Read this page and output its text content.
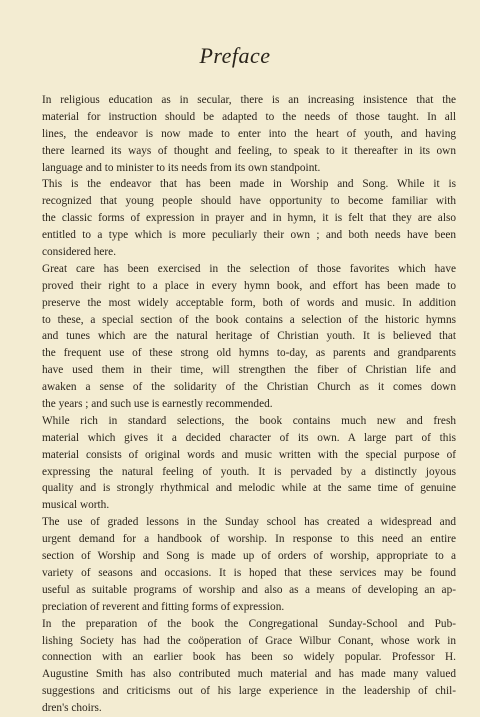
Preface
In religious education as in secular, there is an increasing insistence that the
material for instruction should be adapted to the needs of those taught. In all
lines, the endeavor is now made to enter into the heart of youth, and having
there learned its ways of thought and feeling, to speak to it thereafter in its own
language and to minister to its needs from its own standpoint.
This is the endeavor that has been made in Worship and Song. While it is
recognized that young people should have opportunity to become familiar with
the classic forms of expression in prayer and in hymn, it is felt that they are also
entitled to a type which is more peculiarly their own ; and both needs have been
considered here.
Great care has been exercised in the selection of those favorites which have
proved their right to a place in every hymn book, and effort has been made to
preserve the most widely acceptable form, both of words and music. In addition
to these, a special section of the book contains a selection of the historic hymns
and tunes which are the natural heritage of Christian youth. It is believed that
the frequent use of these strong old hymns to-day, as parents and grandparents
have used them in their time, will strengthen the fiber of Christian life and
awaken a sense of the solidarity of the Christian Church as it comes down
the years ; and such use is earnestly recommended.
While rich in standard selections, the book contains much new and fresh
material which gives it a decided character of its own. A large part of this
material consists of original words and music written with the special purpose of
expressing the natural feeling of youth. It is pervaded by a distinctly joyous
quality and is strongly rhythmical and melodic while at the same time of genuine
musical worth.
The use of graded lessons in the Sunday school has created a widespread and
urgent demand for a handbook of worship. In response to this need an entire
section of Worship and Song is made up of orders of worship, appropriate to a
variety of seasons and occasions. It is hoped that these services may be found
useful as suitable programs of worship and also as a means of developing an ap-
preciation of reverent and fitting forms of expression.
In the preparation of the book the Congregational Sunday-School and Pub-
lishing Society has had the coöperation of Grace Wilbur Conant, whose work in
connection with an earlier book has been so widely popular. Professor H.
Augustine Smith has also contributed much material and has made many valued
suggestions and criticisms out of his large experience in the leadership of chil-
dren's choirs.
